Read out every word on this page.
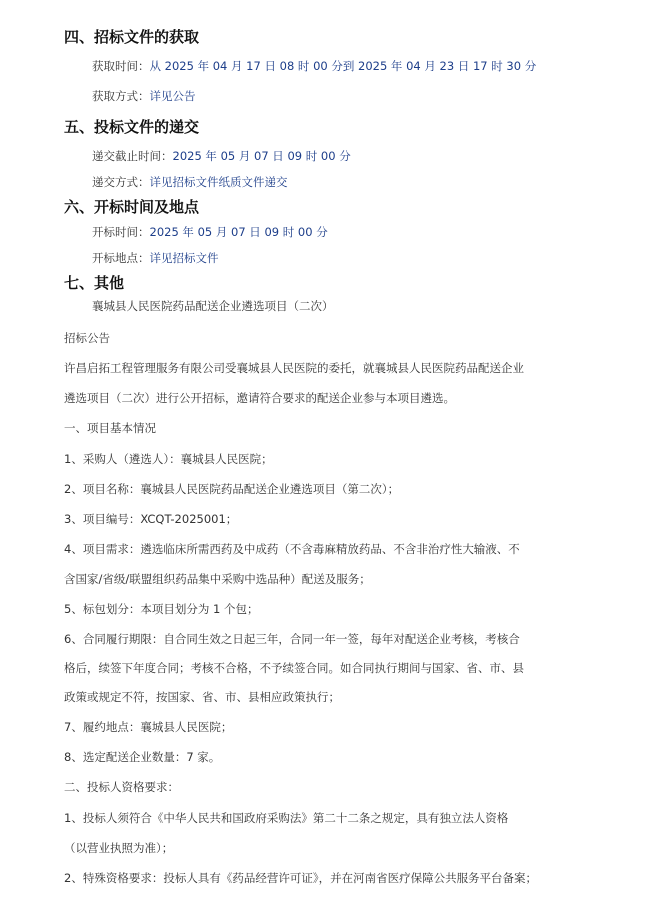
四、招标文件的获取
获取时间：从 2025 年 04 月 17 日 08 时 00 分到 2025 年 04 月 23 日 17 时 30 分
获取方式：详见公告
五、投标文件的递交
递交截止时间：2025 年 05 月 07 日 09 时 00 分
递交方式：详见招标文件纸质文件递交
六、开标时间及地点
开标时间：2025 年 05 月 07 日 09 时 00 分
开标地点：详见招标文件
七、其他
襄城县人民医院药品配送企业遴选项目（二次）
招标公告
许昌启拓工程管理服务有限公司受襄城县人民医院的委托，就襄城县人民医院药品配送企业
遴选项目（二次）进行公开招标，邀请符合要求的配送企业参与本项目遴选。
一、项目基本情况
1、采购人（遴选人）：襄城县人民医院；
2、项目名称：襄城县人民医院药品配送企业遴选项目（第二次）；
3、项目编号：XCQT-2025001；
4、项目需求：遴选临床所需西药及中成药（不含毒麻精放药品、不含非治疗性大输液、不
含国家/省级/联盟组织药品集中采购中选品种）配送及服务；
5、标包划分：本项目划分为 1 个包；
6、合同履行期限：自合同生效之日起三年，合同一年一签，每年对配送企业考核，考核合
格后，续签下年度合同；考核不合格，不予续签合同。如合同执行期间与国家、省、市、县
政策或规定不符，按国家、省、市、县相应政策执行；
7、履约地点：襄城县人民医院；
8、选定配送企业数量：7 家。
二、投标人资格要求：
1、投标人须符合《中华人民共和国政府采购法》第二十二条之规定，具有独立法人资格
（以营业执照为准）；
2、特殊资格要求：投标人具有《药品经营许可证》，并在河南省医疗保障公共服务平台备案；
